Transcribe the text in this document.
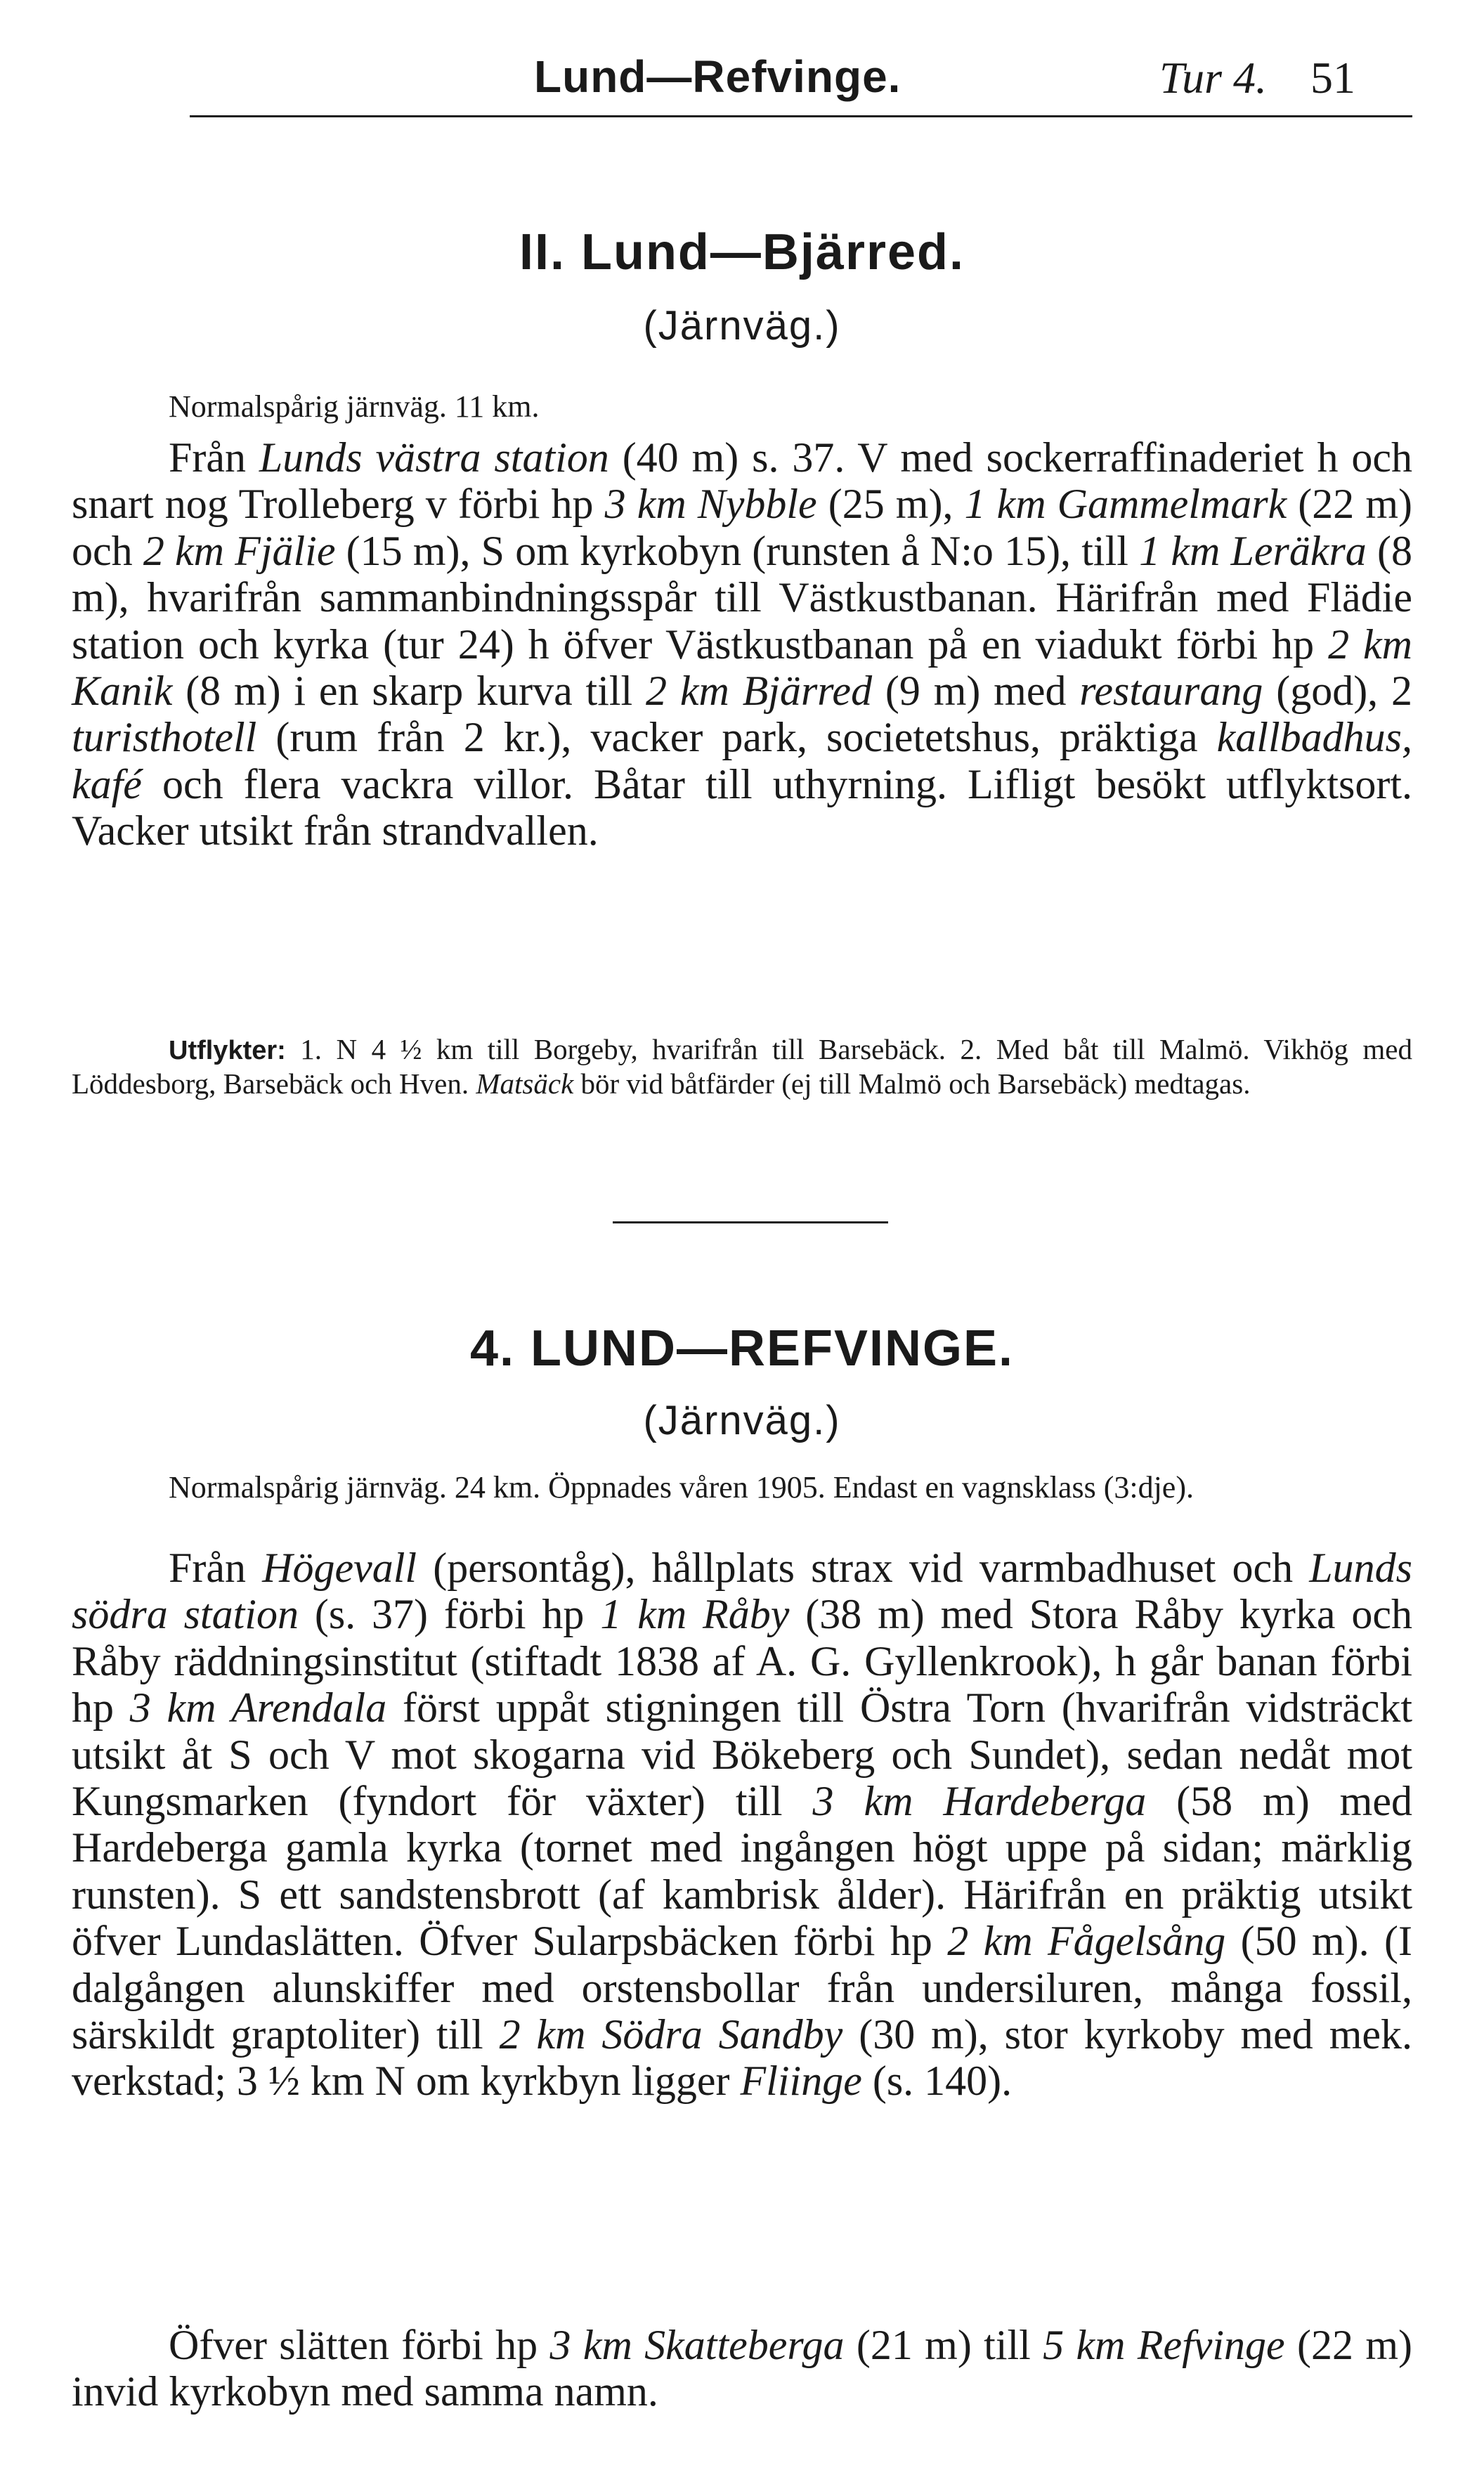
Lund—Refvinge.	Tur 4. 51
II. Lund—Bjärred.
(Järnväg.)
Normalspårig järnväg. 11 km.
Från Lunds västra station (40 m) s. 37. V med sockerraffinaderiet h och snart nog Trolleberg v förbi hp 3 km Nybble (25 m), 1 km Gammelmark (22 m) och 2 km Fjälie (15 m), S om kyrkobyn (runsten å N:o 15), till 1 km Leräkra (8 m), hvarifrån sammanbindningsspår till Västkustbanan. Härifrån med Flädie station och kyrka (tur 24) h öfver Västkustbanan på en viadukt förbi hp 2 km Kanik (8 m) i en skarp kurva till 2 km Bjärred (9 m) med restaurang (god), 2 turisthotell (rum från 2 kr.), vacker park, societetshus, präktiga kallbadhus, kafé och flera vackra villor. Båtar till uthyrning. Lifligt besökt utflyktsort. Vacker utsikt från strandvallen.
Utflykter: 1. N 4 ½ km till Borgeby, hvarifrån till Barsebäck. 2. Med båt till Malmö. Vikhög med Löddesborg, Barsebäck och Hven. Matsäck bör vid båtfärder (ej till Malmö och Barsebäck) medtagas.
4. LUND—REFVINGE.
(Järnväg.)
Normalspårig järnväg. 24 km. Öppnades våren 1905. Endast en vagnsklass (3:dje).
Från Högevall (persontåg), hållplats strax vid varmbadhuset och Lunds södra station (s. 37) förbi hp 1 km Råby (38 m) med Stora Råby kyrka och Råby räddningsinstitut (stiftadt 1838 af A. G. Gyllenkrook), h går banan förbi hp 3 km Arendala först uppåt stigningen till Östra Torn (hvarifrån vidsträckt utsikt åt S och V mot skogarna vid Bökeberg och Sundet), sedan nedåt mot Kungsmarken (fyndort för växter) till 3 km Hardeberga (58 m) med Hardeberga gamla kyrka (tornet med ingången högt uppe på sidan; märklig runsten). S ett sandstensbrott (af kambrisk ålder). Härifrån en präktig utsikt öfver Lundaslätten. Öfver Sularpsbäcken förbi hp 2 km Fågelsång (50 m). (I dalgången alunskiffer med orstensbollar från undersiluren, många fossil, särskildt graptoliter) till 2 km Södra Sandby (30 m), stor kyrkoby med mek. verkstad; 3 ½ km N om kyrkbyn ligger Fliinge (s. 140).
Öfver slätten förbi hp 3 km Skatteberga (21 m) till 5 km Refvinge (22 m) invid kyrkobyn med samma namn.
